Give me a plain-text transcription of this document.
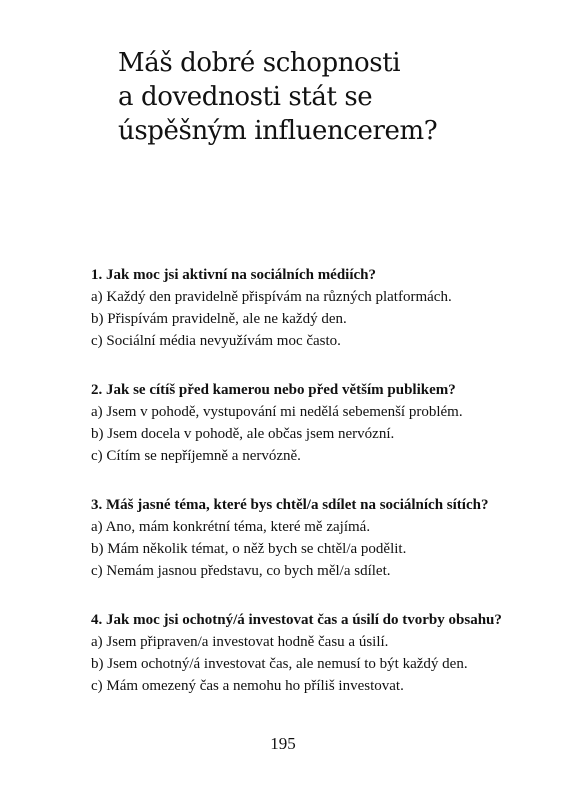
Máš dobré schopnosti
a dovednosti stát se
úspěšným influencerem?

1. Jak moc jsi aktivní na sociálních médiích?

a) Každý den pravidelně přispívám na různých platformách.
b) Přispívám pravidelně, ale ne každý den.
c) Sociální média nevyužívám moc často.

2. Jak se cítíš před kamerou nebo před větším publikem?

a) Jsem v pohodě, vystupování mi nedělá sebemenší problém.
b) Jsem docela v pohodě, ale občas jsem nervózní.
c) Cítím se nepříjemně a nervózně.

3. Máš jasné téma, které bys chtěl/a sdílet na sociálních sítích?

a) Ano, mám konkrétní téma, které mě zajímá.
b) Mám několik témat, o něž bych se chtěl/a podělit.
c) Nemám jasnou představu, co bych měl/a sdílet.

4. Jak moc jsi ochotný/á investovat čas a úsilí do tvorby obsahu?

a) Jsem připraven/a investovat hodně času a úsilí.
b) Jsem ochotný/á investovat čas, ale nemusí to být každý den.
c) Mám omezený čas a nemohu ho příliš investovat.
195
